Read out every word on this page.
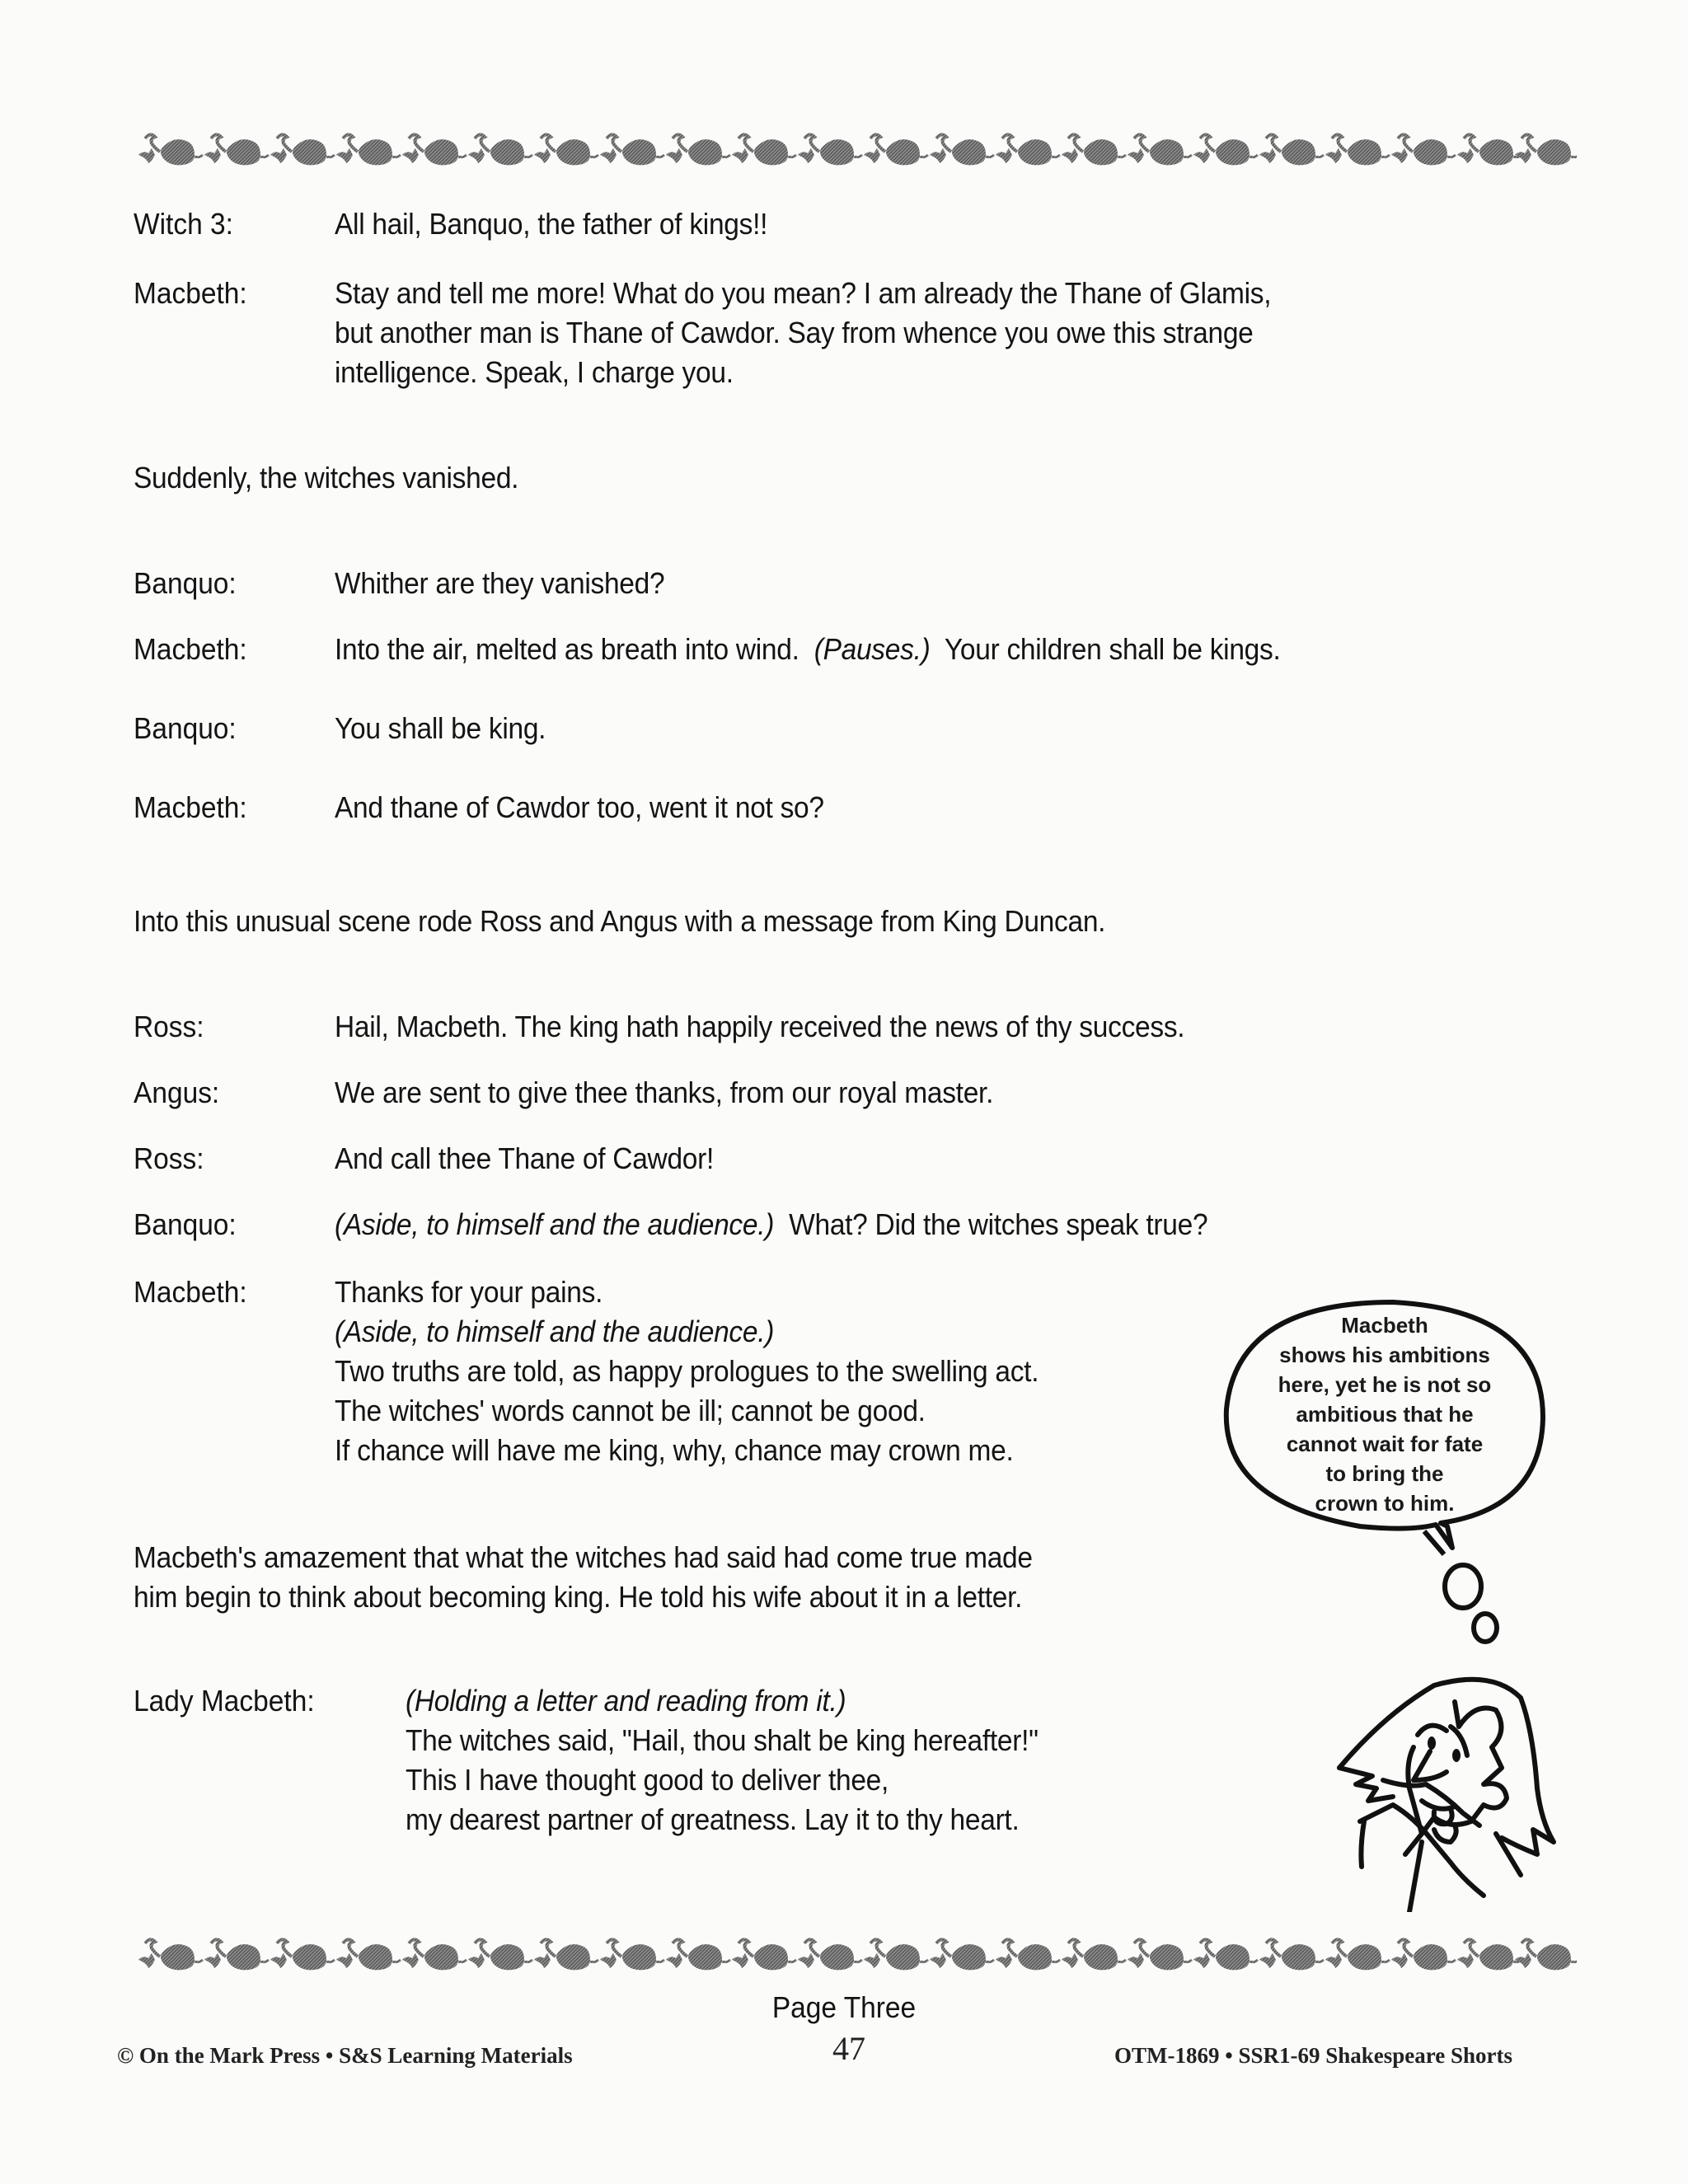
Witch 3:	All hail, Banquo, the father of kings!!
Macbeth:	Stay and tell me more! What do you mean? I am already the Thane of Glamis,
but another man is Thane of Cawdor. Say from whence you owe this strange
intelligence. Speak, I charge you.
Suddenly, the witches vanished.
Banquo:	Whither are they vanished?
Macbeth:	Into the air, melted as breath into wind. (Pauses.) Your children shall be kings.
Banquo:	You shall be king.
Macbeth:	And thane of Cawdor too, went it not so?
Into this unusual scene rode Ross and Angus with a message from King Duncan.
Ross:	Hail, Macbeth. The king hath happily received the news of thy success.
Angus:	We are sent to give thee thanks, from our royal master.
Ross:	And call thee Thane of Cawdor!
Banquo:	(Aside, to himself and the audience.) What? Did the witches speak true?
Macbeth:	Thanks for your pains.
(Aside, to himself and the audience.)
Two truths are told, as happy prologues to the swelling act.
The witches' words cannot be ill; cannot be good.
If chance will have me king, why, chance may crown me.
Macbeth's amazement that what the witches had said had come true made
him begin to think about becoming king. He told his wife about it in a letter.
Lady Macbeth:	(Holding a letter and reading from it.)
The witches said, "Hail, thou shalt be king hereafter!"
This I have thought good to deliver thee,
my dearest partner of greatness. Lay it to thy heart.
Macbeth
shows his ambitions
here, yet he is not so
ambitious that he
cannot wait for fate
to bring the
crown to him.
Page Three
© On the Mark Press • S&S Learning Materials	47	OTM-1869 • SSR1-69 Shakespeare Shorts
